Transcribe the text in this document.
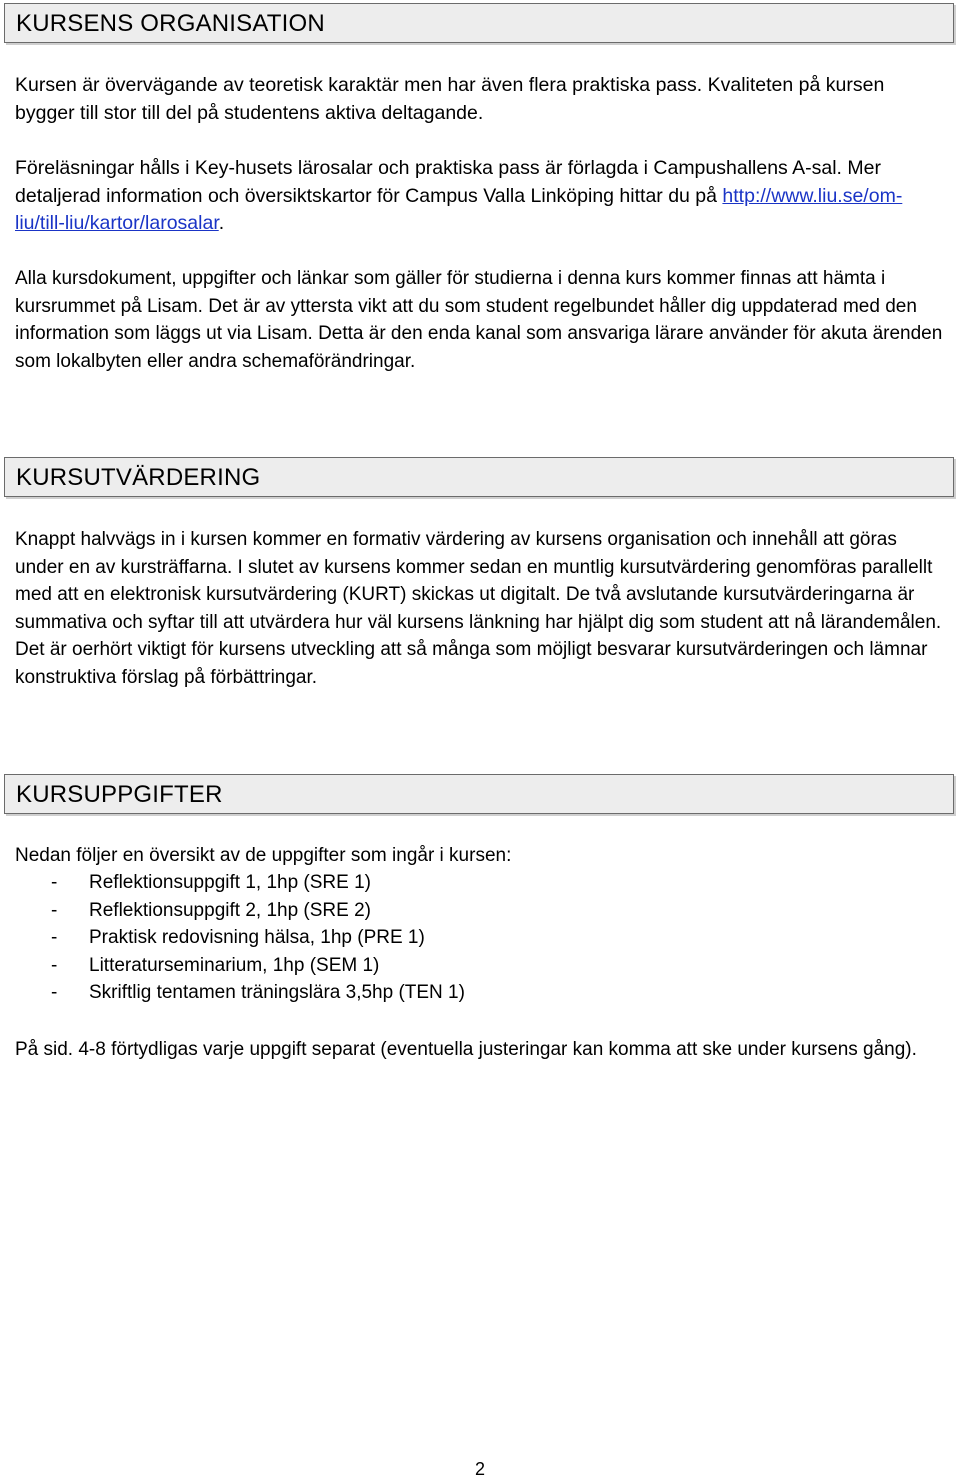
KURSENS ORGANISATION

Kursen är övervägande av teoretisk karaktär men har även flera praktiska pass. Kvaliteten på kursen bygger till stor till del på studentens aktiva deltagande.

Föreläsningar hålls i Key-husets lärosalar och praktiska pass är förlagda i Campushallens A-sal. Mer detaljerad information och översiktskartor för Campus Valla Linköping hittar du på http://www.liu.se/om-liu/till-liu/kartor/larosalar.

Alla kursdokument, uppgifter och länkar som gäller för studierna i denna kurs kommer finnas att hämta i kursrummet på Lisam. Det är av yttersta vikt att du som student regelbundet håller dig uppdaterad med den information som läggs ut via Lisam. Detta är den enda kanal som ansvariga lärare använder för akuta ärenden som lokalbyten eller andra schemaförändringar.

KURSUTVÄRDERING

Knappt halvvägs in i kursen kommer en formativ värdering av kursens organisation och innehåll att göras under en av kursträffarna. I slutet av kursens kommer sedan en muntlig kursutvärdering genomföras parallellt med att en elektronisk kursutvärdering (KURT) skickas ut digitalt. De två avslutande kursutvärderingarna är summativa och syftar till att utvärdera hur väl kursens länkning har hjälpt dig som student att nå lärandemålen. Det är oerhört viktigt för kursens utveckling att så många som möjligt besvarar kursutvärderingen och lämnar konstruktiva förslag på förbättringar.

KURSUPPGIFTER

Nedan följer en översikt av de uppgifter som ingår i kursen:

- Reflektionsuppgift 1, 1hp (SRE 1)
- Reflektionsuppgift 2, 1hp (SRE 2)
- Praktisk redovisning hälsa, 1hp (PRE 1)
- Litteraturseminarium, 1hp (SEM 1)
- Skriftlig tentamen träningslära 3,5hp (TEN 1)

På sid. 4-8 förtydligas varje uppgift separat (eventuella justeringar kan komma att ske under kursens gång).

2
